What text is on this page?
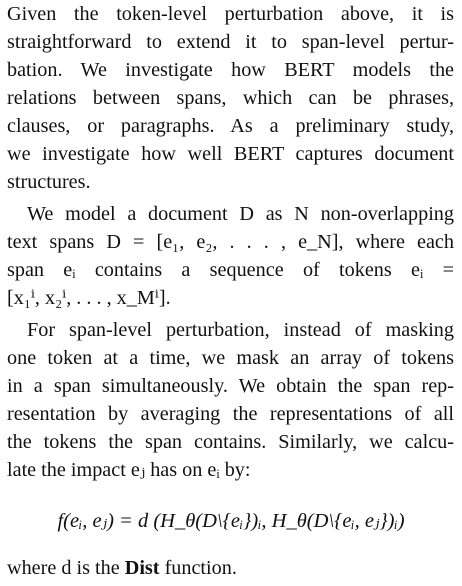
Given the token-level perturbation above, it is
straightforward to extend it to span-level pertur-
bation. We investigate how BERT models the
relations between spans, which can be phrases,
clauses, or paragraphs. As a preliminary study,
we investigate how well BERT captures document
structures.
We model a document D as N non-overlapping
text spans D = [e₁, e₂, . . . , e_N], where each
span eᵢ contains a sequence of tokens eᵢ =
[x₁ⁱ, x₂ⁱ, . . . , x_Mⁱ].
For span-level perturbation, instead of masking
one token at a time, we mask an array of tokens
in a span simultaneously. We obtain the span rep-
resentation by averaging the representations of all
the tokens the span contains. Similarly, we calcu-
late the impact eⱼ has on eᵢ by:
f(eᵢ, eⱼ) = d (H_θ(D\{eᵢ})ᵢ, H_θ(D\{eᵢ, eⱼ})ᵢ)
where d is the Dist function.
